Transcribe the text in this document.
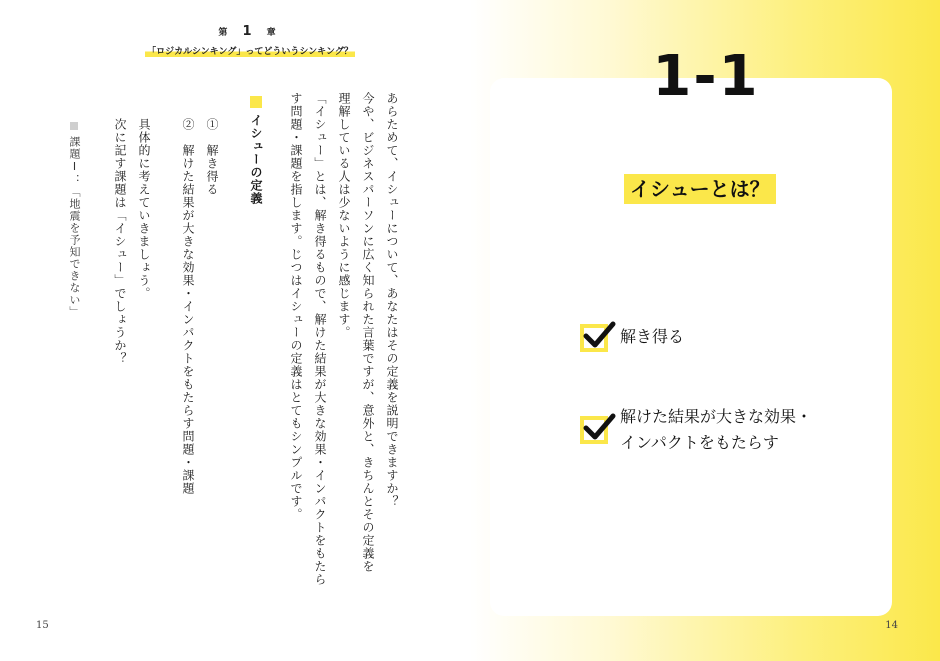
第 1 章
「ロジカルシンキング」ってどういうシンキング？
あらためて、イシューについて、あなたはその定義を説明できますか？
今や、ビジネスパーソンに広く知られた言葉ですが、意外と、きちんとその定義を
理解している人は少ないように感じます。
「イシュー」とは、解き得るもので、解けた結果が大きな効果・インパクトをもたら
す問題・課題を指します。じつはイシューの定義はとてもシンプルです。
イシューの定義
①　解き得る
②　解けた結果が大きな効果・インパクトをもたらす問題・課題
具体的に考えていきましょう。
次に記す課題は「イシュー」でしょうか？
課題Ⅰ：「地震を予知できない」
15
1-1
イシューとは？
解き得る
解けた結果が大きな効果・
インパクトをもたらす
14
